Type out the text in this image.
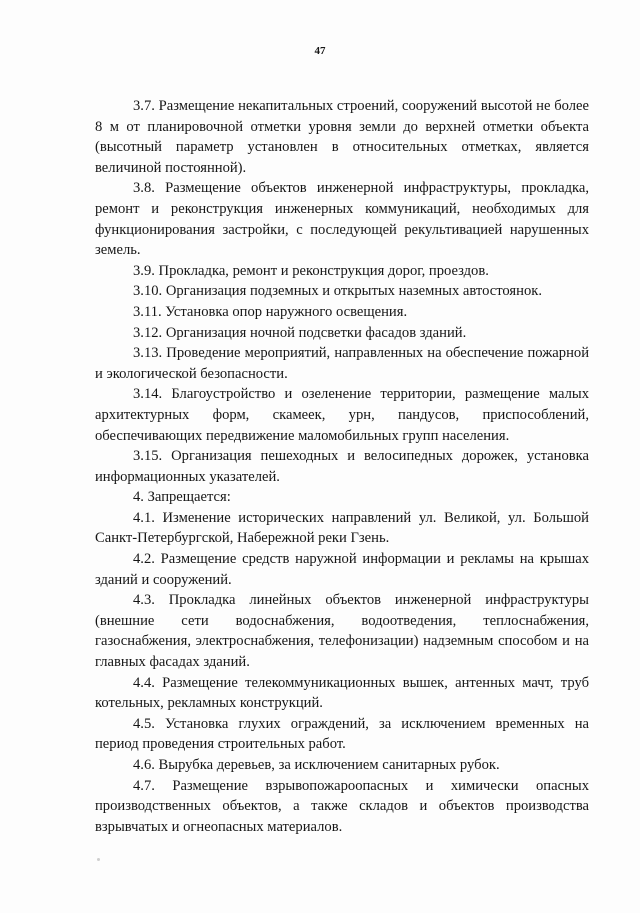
47

3.7. Размещение некапитальных строений, сооружений высотой не более 8 м от планировочной отметки уровня земли до верхней отметки объекта (высотный параметр установлен в относительных отметках, является величиной постоянной).

3.8. Размещение объектов инженерной инфраструктуры, прокладка, ремонт и реконструкция инженерных коммуникаций, необходимых для функционирования застройки, с последующей рекультивацией нарушенных земель.

3.9. Прокладка, ремонт и реконструкция дорог, проездов.

3.10. Организация подземных и открытых наземных автостоянок.

3.11. Установка опор наружного освещения.

3.12. Организация ночной подсветки фасадов зданий.

3.13. Проведение мероприятий, направленных на обеспечение пожарной и экологической безопасности.

3.14. Благоустройство и озеленение территории, размещение малых архитектурных форм, скамеек, урн, пандусов, приспособлений, обеспечивающих передвижение маломобильных групп населения.

3.15. Организация пешеходных и велосипедных дорожек, установка информационных указателей.

4. Запрещается:

4.1. Изменение исторических направлений ул. Великой, ул. Большой Санкт-Петербургской, Набережной реки Гзень.

4.2. Размещение средств наружной информации и рекламы на крышах зданий и сооружений.

4.3. Прокладка линейных объектов инженерной инфраструктуры (внешние сети водоснабжения, водоотведения, теплоснабжения, газоснабжения, электроснабжения, телефонизации) надземным способом и на главных фасадах зданий.

4.4. Размещение телекоммуникационных вышек, антенных мачт, труб котельных, рекламных конструкций.

4.5. Установка глухих ограждений, за исключением временных на период проведения строительных работ.

4.6. Вырубка деревьев, за исключением санитарных рубок.

4.7. Размещение взрывопожароопасных и химически опасных производственных объектов, а также складов и объектов производства взрывчатых и огнеопасных материалов.
